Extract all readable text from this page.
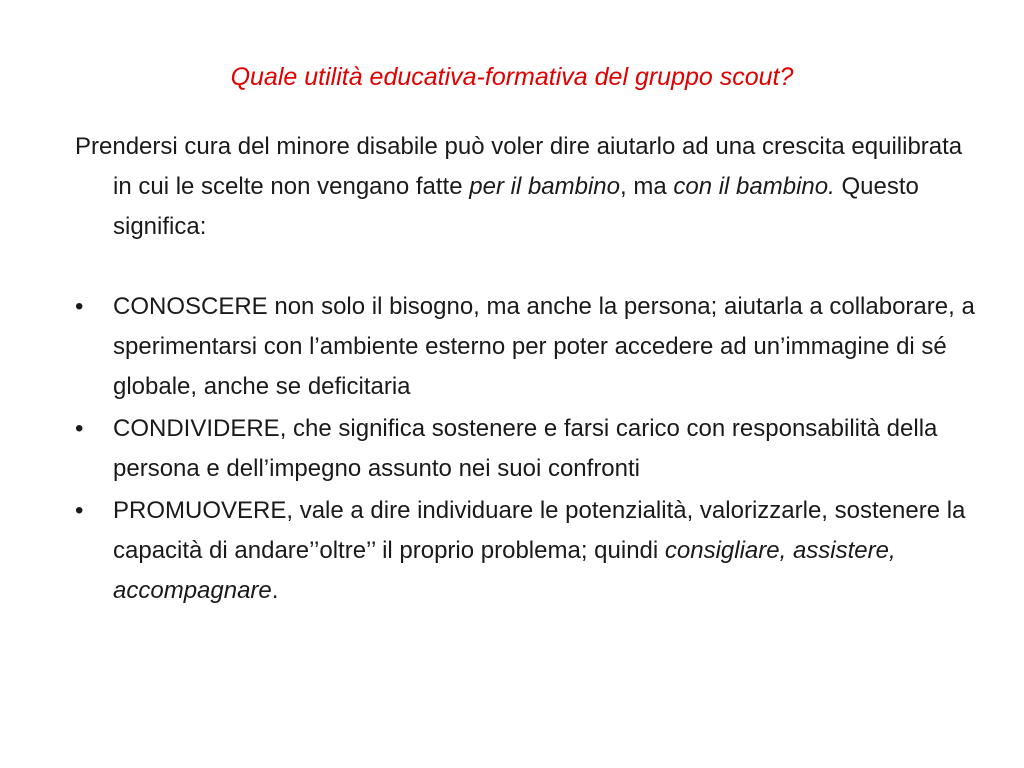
Quale utilità educativa-formativa del gruppo scout?

Prendersi cura del minore disabile può voler dire aiutarlo ad una crescita equilibrata in cui le scelte non vengano fatte per il bambino, ma con il bambino. Questo significa:

•	CONOSCERE non solo il bisogno, ma anche la persona; aiutarla a collaborare, a sperimentarsi con l’ambiente esterno per poter accedere ad un’immagine di sé globale, anche se deficitaria
•	CONDIVIDERE, che significa sostenere e farsi carico con responsabilità della persona e dell’impegno assunto nei suoi confronti
•	PROMUOVERE, vale a dire individuare le potenzialità, valorizzarle, sostenere la capacità di andare’’oltre’’ il proprio problema; quindi consigliare, assistere, accompagnare.
